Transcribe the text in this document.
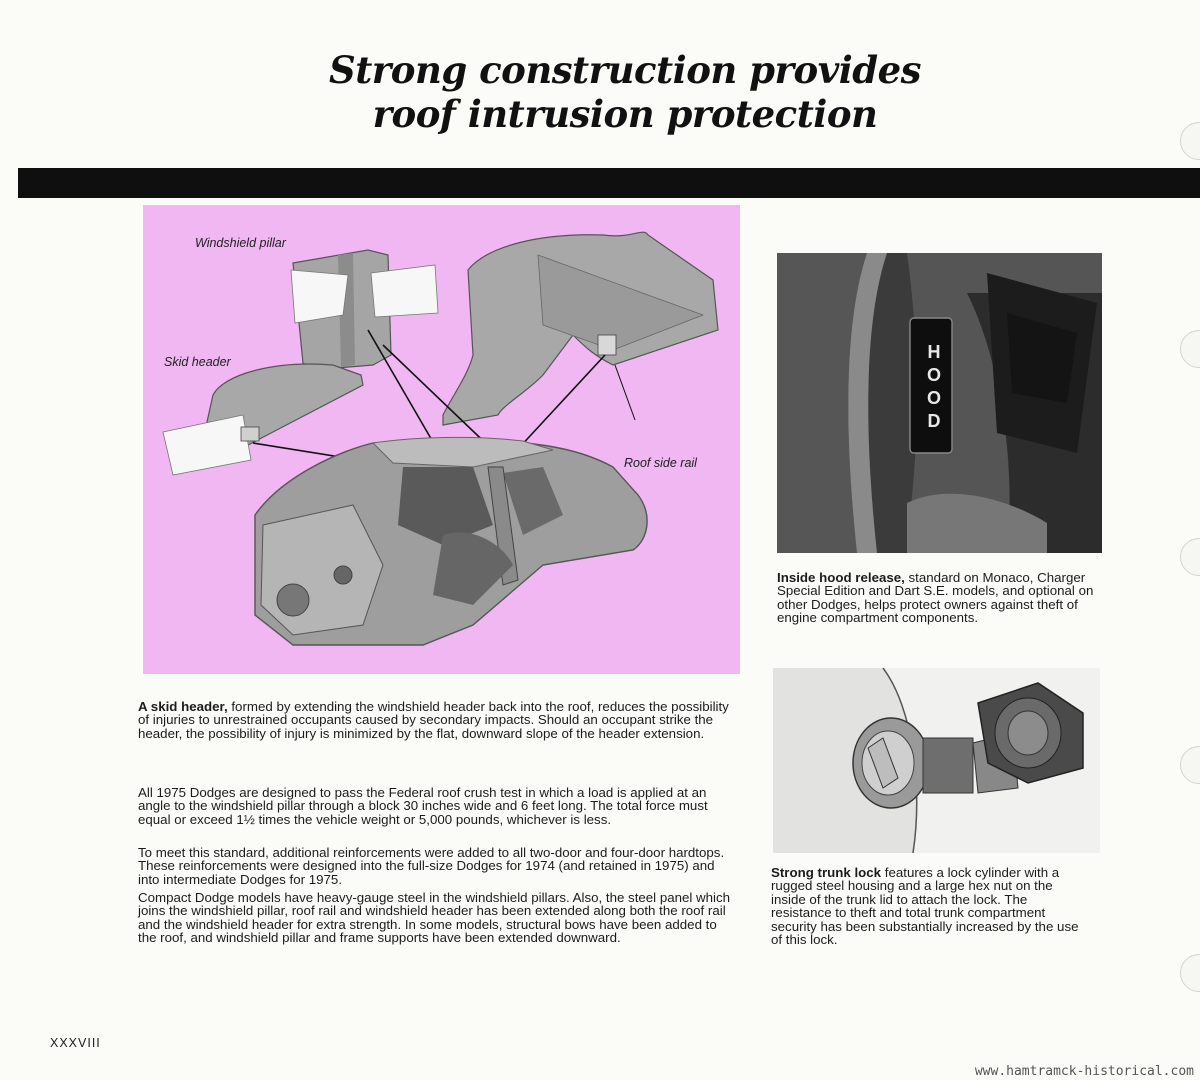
Strong construction provides
roof intrusion protection
Windshield pillar
Skid header
Roof side rail
HOOD

Inside hood release, standard on Monaco, Charger Special Edition and Dart S.E. models, and optional on other Dodges, helps protect owners against theft of engine compartment components.

Strong trunk lock features a lock cylinder with a rugged steel housing and a large hex nut on the inside of the trunk lid to attach the lock. The resistance to theft and total trunk compartment security has been substantially increased by the use of this lock.

A skid header, formed by extending the windshield header back into the roof, reduces the possibility of injuries to unrestrained occupants caused by secondary impacts. Should an occupant strike the header, the possibility of injury is minimized by the flat, downward slope of the header extension.

All 1975 Dodges are designed to pass the Federal roof crush test in which a load is applied at an angle to the windshield pillar through a block 30 inches wide and 6 feet long. The total force must equal or exceed 1½ times the vehicle weight or 5,000 pounds, whichever is less.

To meet this standard, additional reinforcements were added to all two-door and four-door hardtops. These reinforcements were designed into the full-size Dodges for 1974 (and retained in 1975) and into intermediate Dodges for 1975.

Compact Dodge models have heavy-gauge steel in the windshield pillars. Also, the steel panel which joins the windshield pillar, roof rail and windshield header has been extended along both the roof rail and the windshield header for extra strength. In some models, structural bows have been added to the roof, and windshield pillar and frame supports have been extended downward.

XXXVIII
www.hamtramck-historical.com
